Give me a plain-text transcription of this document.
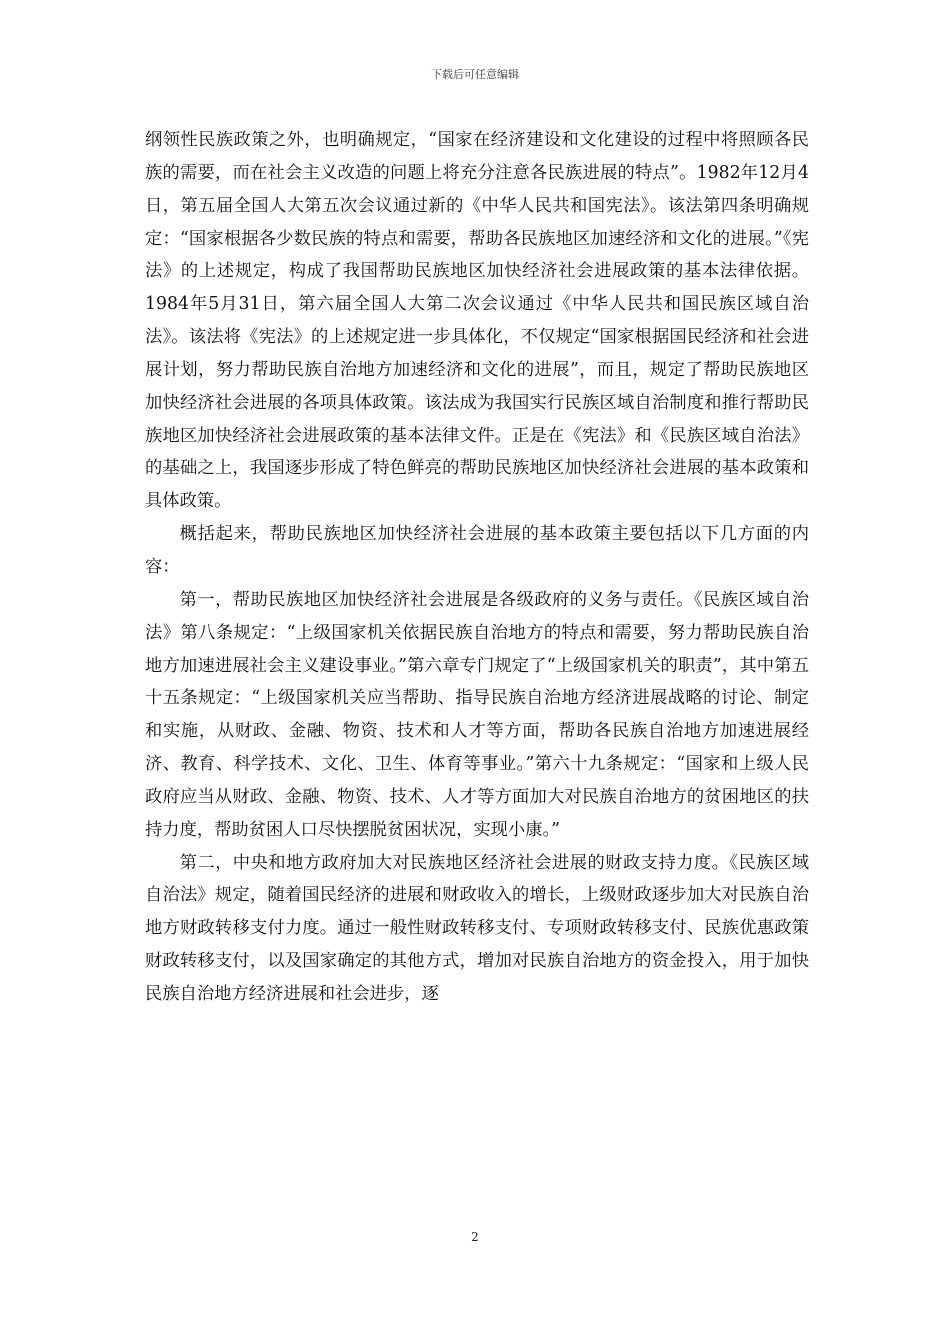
下载后可任意编辑

纲领性民族政策之外，也明确规定，“国家在经济建设和文化建设的过程中将照顾各民族的需要，而在社会主义改造的问题上将充分注意各民族进展的特点”。1982年12月4日，第五届全国人大第五次会议通过新的《中华人民共和国宪法》。该法第四条明确规定：“国家根据各少数民族的特点和需要，帮助各民族地区加速经济和文化的进展。”《宪法》的上述规定，构成了我国帮助民族地区加快经济社会进展政策的基本法律依据。1984年5月31日，第六届全国人大第二次会议通过《中华人民共和国民族区域自治法》。该法将《宪法》的上述规定进一步具体化，不仅规定“国家根据国民经济和社会进展计划，努力帮助民族自治地方加速经济和文化的进展”，而且，规定了帮助民族地区加快经济社会进展的各项具体政策。该法成为我国实行民族区域自治制度和推行帮助民族地区加快经济社会进展政策的基本法律文件。正是在《宪法》和《民族区域自治法》的基础之上，我国逐步形成了特色鲜亮的帮助民族地区加快经济社会进展的基本政策和具体政策。

概括起来，帮助民族地区加快经济社会进展的基本政策主要包括以下几方面的内容：

第一，帮助民族地区加快经济社会进展是各级政府的义务与责任。《民族区域自治法》第八条规定：“上级国家机关依据民族自治地方的特点和需要，努力帮助民族自治地方加速进展社会主义建设事业。”第六章专门规定了“上级国家机关的职责”，其中第五十五条规定：“上级国家机关应当帮助、指导民族自治地方经济进展战略的讨论、制定和实施，从财政、金融、物资、技术和人才等方面，帮助各民族自治地方加速进展经济、教育、科学技术、文化、卫生、体育等事业。”第六十九条规定：“国家和上级人民政府应当从财政、金融、物资、技术、人才等方面加大对民族自治地方的贫困地区的扶持力度，帮助贫困人口尽快摆脱贫困状况，实现小康。”

第二，中央和地方政府加大对民族地区经济社会进展的财政支持力度。《民族区域自治法》规定，随着国民经济的进展和财政收入的增长，上级财政逐步加大对民族自治地方财政转移支付力度。通过一般性财政转移支付、专项财政转移支付、民族优惠政策财政转移支付，以及国家确定的其他方式，增加对民族自治地方的资金投入，用于加快民族自治地方经济进展和社会进步，逐

2
